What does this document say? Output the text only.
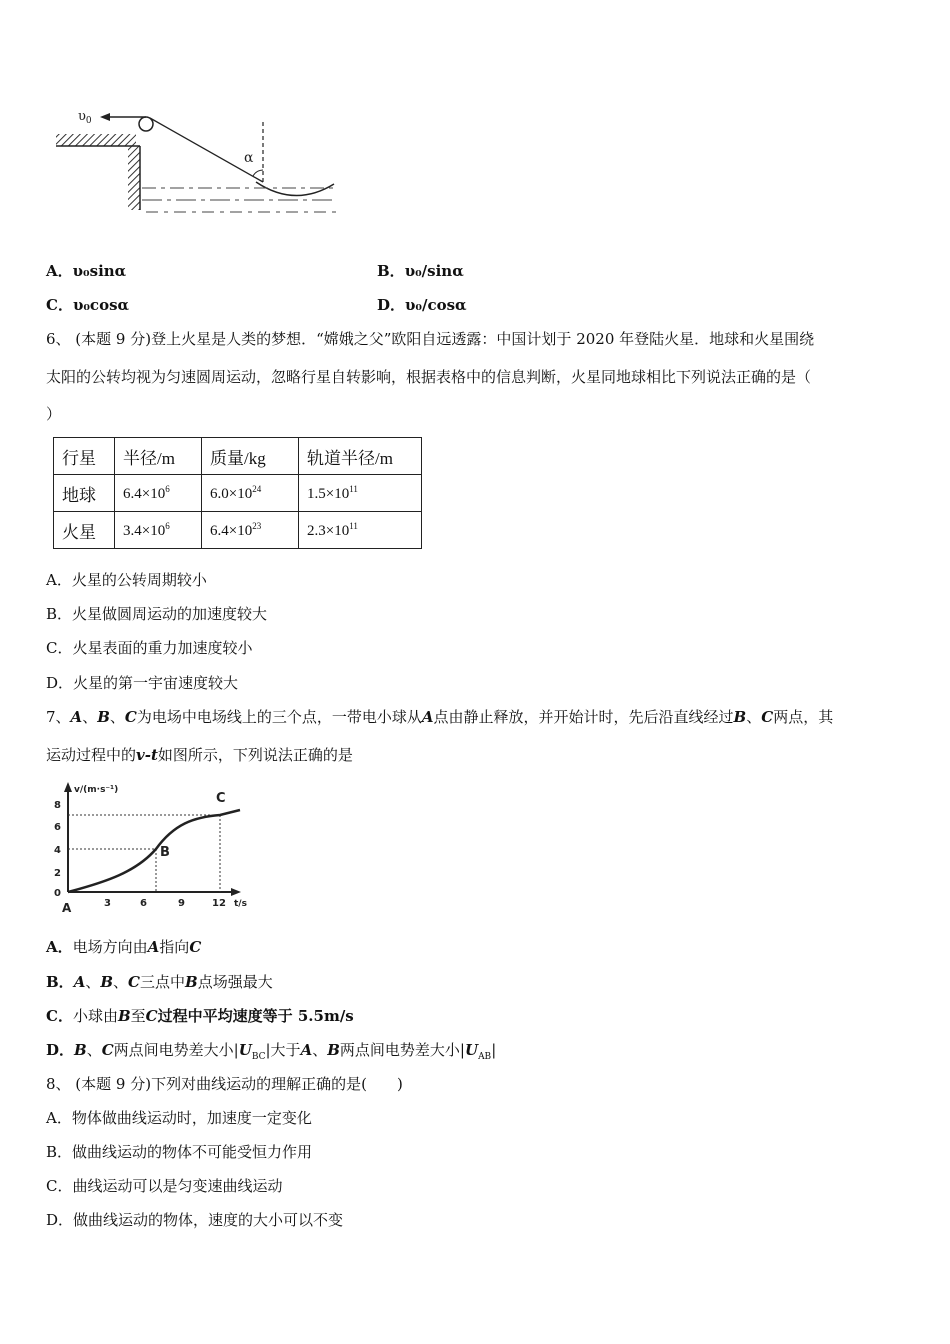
$\upsilon_0$
α
A．υ₀sinα	B．υ₀/sinα
C．υ₀cosα	D．υ₀/cosα
6、 (本题 9 分)登上火星是人类的梦想．“嫦娥之父”欧阳自远透露：中国计划于 2020 年登陆火星．地球和火星围绕
太阳的公转均视为匀速圆周运动，忽略行星自转影响，根据表格中的信息判断，火星同地球相比下列说法正确的是（
）
行星	半径/m	质量/kg	轨道半径/m
地球	$6.4\times 10^6$	$6.0\times 10^{24}$	$1.5\times 10^{11}$
火星	$3.4\times 10^6$	$6.4\times 10^{23}$	$2.3\times 10^{11}$
A．火星的公转周期较小
B．火星做圆周运动的加速度较大
C．火星表面的重力加速度较小
D．火星的第一宇宙速度较大
7、A、B、C为电场中电场线上的三个点，一带电小球从A点由静止释放，并开始计时，先后沿直线经过B、C两点，其
运动过程中的v-t如图所示，下列说法正确的是
v/(m·s⁻¹)
t/s
8
6
4
2
0
3	6	9	12
A
B
C
A．电场方向由A指向C
B．A、B、C三点中B点场强最大
C．小球由B至C过程中平均速度等于 5.5m/s
D．B、C两点间电势差大小$|U_{BC}|$大于A、B两点间电势差大小$|U_{AB}|$
8、 (本题 9 分)下列对曲线运动的理解正确的是(　　)
A．物体做曲线运动时，加速度一定变化
B．做曲线运动的物体不可能受恒力作用
C．曲线运动可以是匀变速曲线运动
D．做曲线运动的物体，速度的大小可以不变
